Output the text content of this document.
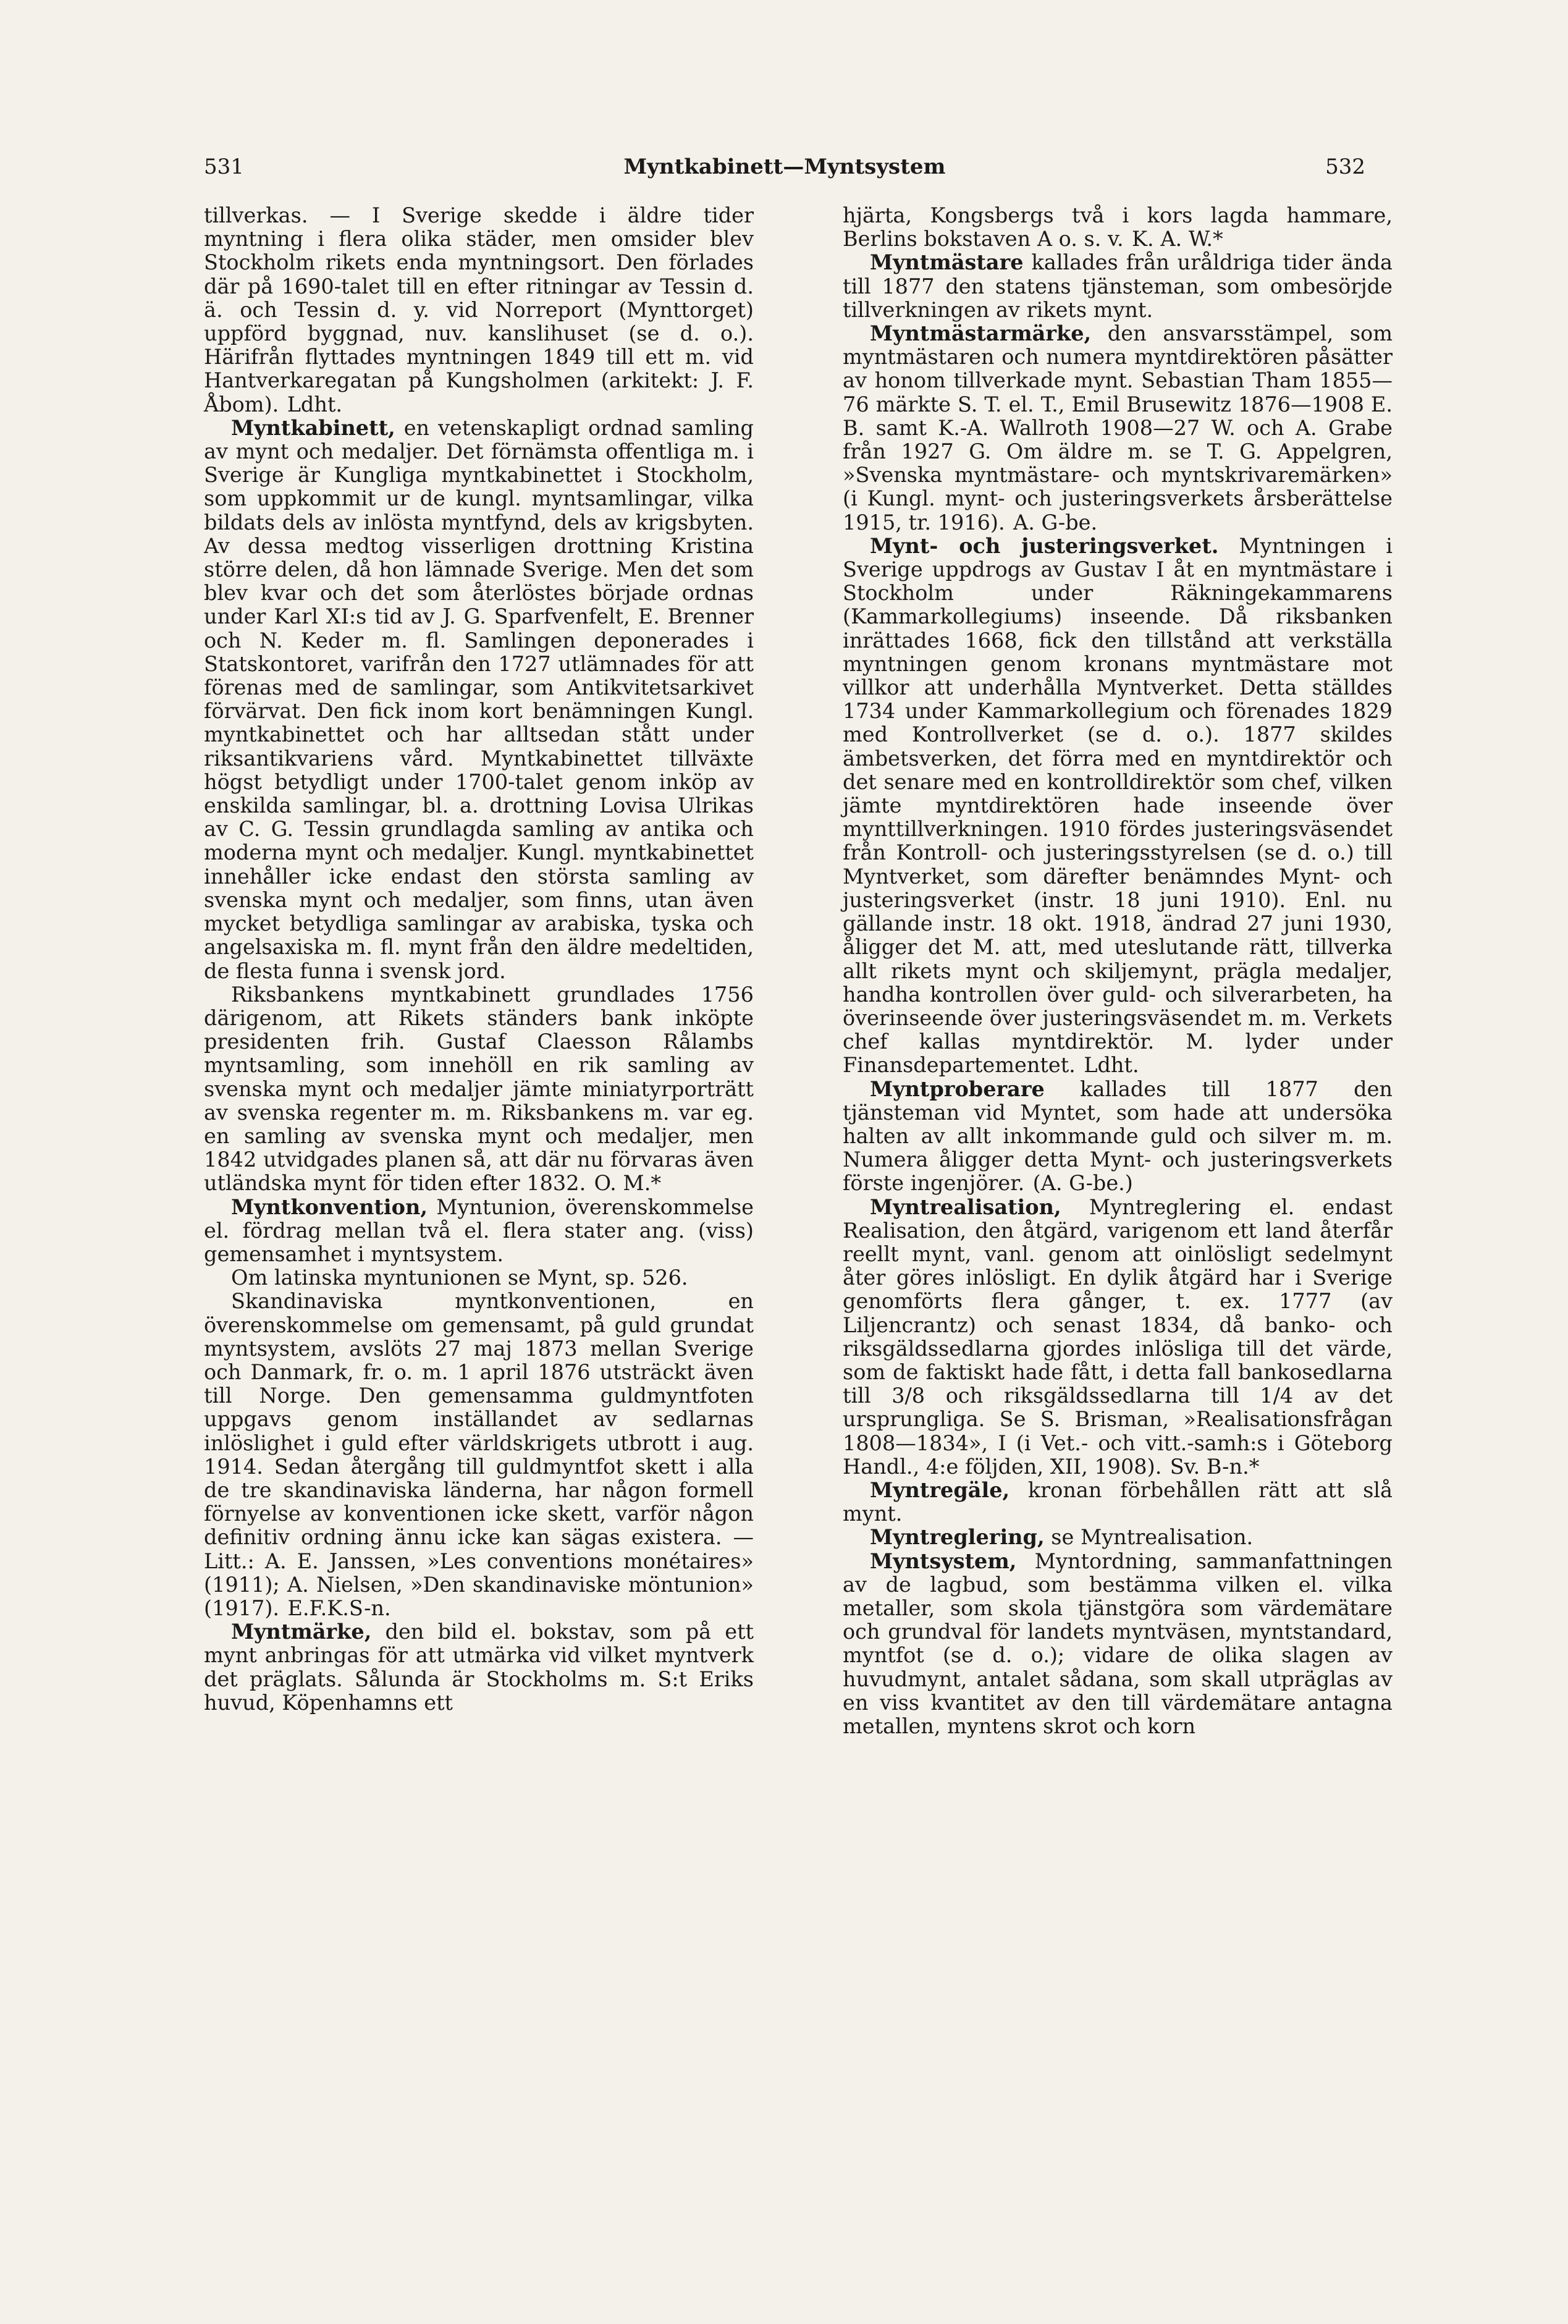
531	Myntkabinett—Myntsystem	532

tillverkas. — I Sverige skedde i äldre tider myntning i flera olika städer, men omsider blev Stockholm rikets enda myntningsort. Den förlades där på 1690-talet till en efter ritningar av Tessin d. ä. och Tessin d. y. vid Norreport (Mynttorget) uppförd byggnad, nuv. kanslihuset (se d. o.). Härifrån flyttades myntningen 1849 till ett m. vid Hantverkaregatan på Kungsholmen (arkitekt: J. F. Åbom). Ldht.

Myntkabinett, en vetenskapligt ordnad samling av mynt och medaljer. Det förnämsta offentliga m. i Sverige är Kungliga myntkabinettet i Stockholm, som uppkommit ur de kungl. myntsamlingar, vilka bildats dels av inlösta myntfynd, dels av krigsbyten. Av dessa medtog visserligen drottning Kristina större delen, då hon lämnade Sverige. Men det som blev kvar och det som återlöstes började ordnas under Karl XI:s tid av J. G. Sparfvenfelt, E. Brenner och N. Keder m. fl. Samlingen deponerades i Statskontoret, varifrån den 1727 utlämnades för att förenas med de samlingar, som Antikvitetsarkivet förvärvat. Den fick inom kort benämningen Kungl. myntkabinettet och har alltsedan stått under riksantikvariens vård. Myntkabinettet tillväxte högst betydligt under 1700-talet genom inköp av enskilda samlingar, bl. a. drottning Lovisa Ulrikas av C. G. Tessin grundlagda samling av antika och moderna mynt och medaljer. Kungl. myntkabinettet innehåller icke endast den största samling av svenska mynt och medaljer, som finns, utan även mycket betydliga samlingar av arabiska, tyska och angelsaxiska m. fl. mynt från den äldre medeltiden, de flesta funna i svensk jord.

Riksbankens myntkabinett grundlades 1756 därigenom, att Rikets ständers bank inköpte presidenten frih. Gustaf Claesson Rålambs myntsamling, som innehöll en rik samling av svenska mynt och medaljer jämte miniatyrporträtt av svenska regenter m. m. Riksbankens m. var eg. en samling av svenska mynt och medaljer, men 1842 utvidgades planen så, att där nu förvaras även utländska mynt för tiden efter 1832. O. M.*

Myntkonvention, Myntunion, överenskommelse el. fördrag mellan två el. flera stater ang. (viss) gemensamhet i myntsystem.

Om latinska myntunionen se Mynt, sp. 526.

Skandinaviska myntkonventionen, en överenskommelse om gemensamt, på guld grundat myntsystem, avslöts 27 maj 1873 mellan Sverige och Danmark, fr. o. m. 1 april 1876 utsträckt även till Norge. Den gemensamma guldmyntfoten uppgavs genom inställandet av sedlarnas inlöslighet i guld efter världskrigets utbrott i aug. 1914. Sedan återgång till guldmyntfot skett i alla de tre skandinaviska länderna, har någon formell förnyelse av konventionen icke skett, varför någon definitiv ordning ännu icke kan sägas existera. — Litt.: A. E. Janssen, »Les conventions monétaires» (1911); A. Nielsen, »Den skandinaviske möntunion» (1917). E.F.K.S-n.

Myntmärke, den bild el. bokstav, som på ett mynt anbringas för att utmärka vid vilket myntverk det präglats. Sålunda är Stockholms m. S:t Eriks huvud, Köpenhamns ett

hjärta, Kongsbergs två i kors lagda hammare, Berlins bokstaven A o. s. v. K. A. W.*

Myntmästare kallades från uråldriga tider ända till 1877 den statens tjänsteman, som ombesörjde tillverkningen av rikets mynt.

Myntmästarmärke, den ansvarsstämpel, som myntmästaren och numera myntdirektören påsätter av honom tillverkade mynt. Sebastian Tham 1855—76 märkte S. T. el. T., Emil Brusewitz 1876—1908 E. B. samt K.-A. Wallroth 1908—27 W. och A. Grabe från 1927 G. Om äldre m. se T. G. Appelgren, »Svenska myntmästare- och myntskrivaremärken» (i Kungl. mynt- och justeringsverkets årsberättelse 1915, tr. 1916). A. G-be.

Mynt- och justeringsverket. Myntningen i Sverige uppdrogs av Gustav I åt en myntmästare i Stockholm under Räkningekammarens (Kammarkollegiums) inseende. Då riksbanken inrättades 1668, fick den tillstånd att verkställa myntningen genom kronans myntmästare mot villkor att underhålla Myntverket. Detta ställdes 1734 under Kammarkollegium och förenades 1829 med Kontrollverket (se d. o.). 1877 skildes ämbetsverken, det förra med en myntdirektör och det senare med en kontrolldirektör som chef, vilken jämte myntdirektören hade inseende över mynttillverkningen. 1910 fördes justeringsväsendet från Kontroll- och justeringsstyrelsen (se d. o.) till Myntverket, som därefter benämndes Mynt- och justeringsverket (instr. 18 juni 1910). Enl. nu gällande instr. 18 okt. 1918, ändrad 27 juni 1930, åligger det M. att, med uteslutande rätt, tillverka allt rikets mynt och skiljemynt, prägla medaljer, handha kontrollen över guld- och silverarbeten, ha överinseende över justeringsväsendet m. m. Verkets chef kallas myntdirektör. M. lyder under Finansdepartementet. Ldht.

Myntproberare kallades till 1877 den tjänsteman vid Myntet, som hade att undersöka halten av allt inkommande guld och silver m. m. Numera åligger detta Mynt- och justeringsverkets förste ingenjörer. (A. G-be.)

Myntrealisation, Myntreglering el. endast Realisation, den åtgärd, varigenom ett land återfår reellt mynt, vanl. genom att oinlösligt sedelmynt åter göres inlösligt. En dylik åtgärd har i Sverige genomförts flera gånger, t. ex. 1777 (av Liljencrantz) och senast 1834, då banko- och riksgäldssedlarna gjordes inlösliga till det värde, som de faktiskt hade fått, i detta fall bankosedlarna till 3/8 och riksgäldssedlarna till 1/4 av det ursprungliga. Se S. Brisman, »Realisationsfrågan 1808—1834», I (i Vet.- och vitt.-samh:s i Göteborg Handl., 4:e följden, XII, 1908). Sv. B-n.*

Myntregäle, kronan förbehållen rätt att slå mynt.

Myntreglering, se Myntrealisation.

Myntsystem, Myntordning, sammanfattningen av de lagbud, som bestämma vilken el. vilka metaller, som skola tjänstgöra som värdemätare och grundval för landets myntväsen, myntstandard, myntfot (se d. o.); vidare de olika slagen av huvudmynt, antalet sådana, som skall utpräglas av en viss kvantitet av den till värdemätare antagna metallen, myntens skrot och korn
